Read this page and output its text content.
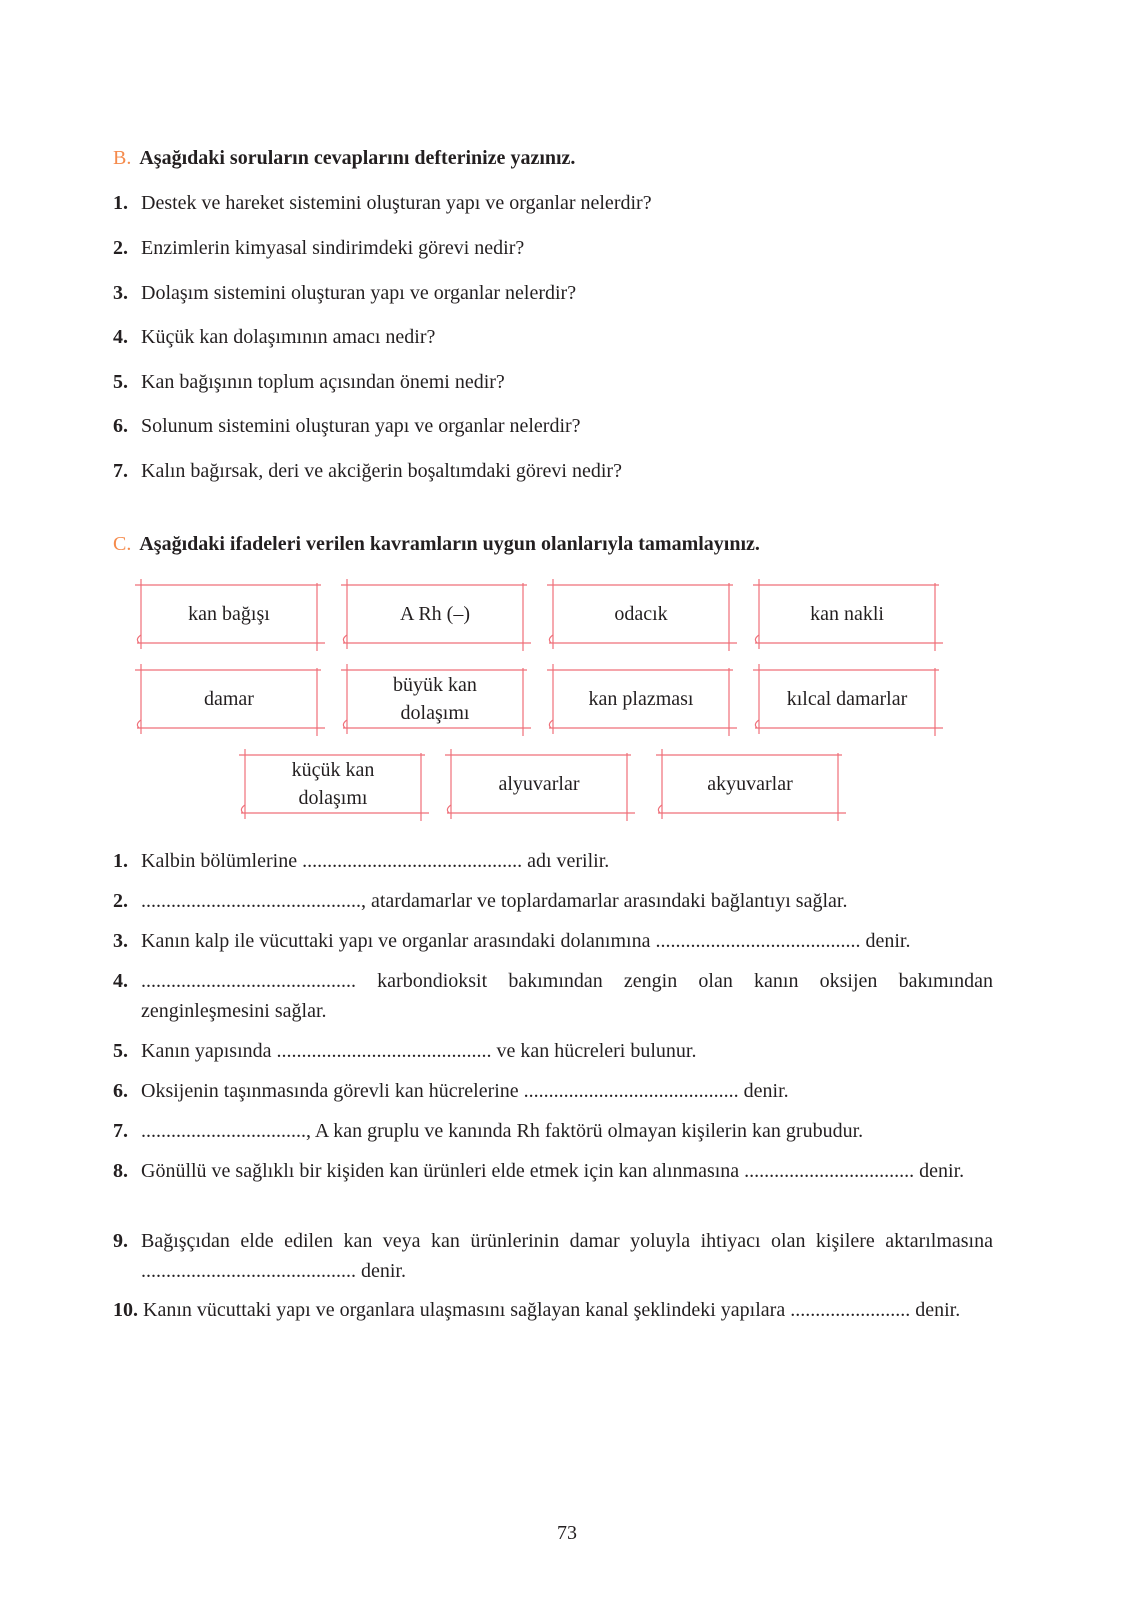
B. Aşağıdaki soruların cevaplarını defterinize yazınız.
1. Destek ve hareket sistemini oluşturan yapı ve organlar nelerdir?
2. Enzimlerin kimyasal sindirimdeki görevi nedir?
3. Dolaşım sistemini oluşturan yapı ve organlar nelerdir?
4. Küçük kan dolaşımının amacı nedir?
5. Kan bağışının toplum açısından önemi nedir?
6. Solunum sistemini oluşturan yapı ve organlar nelerdir?
7. Kalın bağırsak, deri ve akciğerin boşaltımdaki görevi nedir?
C. Aşağıdaki ifadeleri verilen kavramların uygun olanlarıyla tamamlayınız.
kan bağışı	A Rh (–)	odacık	kan nakli
damar
büyük kan
dolaşımı
kan plazması	kılcal damarlar
küçük kan
dolaşımı
alyuvarlar	akyuvarlar
1. Kalbin bölümlerine ............................................ adı verilir.
2. ............................................, atardamarlar ve toplardamarlar arasındaki bağlantıyı sağlar.
3. Kanın kalp ile vücuttaki yapı ve organlar arasındaki dolanımına ......................................... denir.
4. ........................................... karbondioksit bakımından zengin olan kanın oksijen bakımından zenginleşmesini sağlar.
5. Kanın yapısında ........................................... ve kan hücreleri bulunur.
6. Oksijenin taşınmasında görevli kan hücrelerine ........................................... denir.
7. ................................., A kan gruplu ve kanında Rh faktörü olmayan kişilerin kan grubudur.
8. Gönüllü ve sağlıklı bir kişiden kan ürünleri elde etmek için kan alınmasına .................................. denir.
9. Bağışçıdan elde edilen kan veya kan ürünlerinin damar yoluyla ihtiyacı olan kişilere aktarılmasına ........................................... denir.
10. Kanın vücuttaki yapı ve organlara ulaşmasını sağlayan kanal şeklindeki yapılara ........................ denir.
73
